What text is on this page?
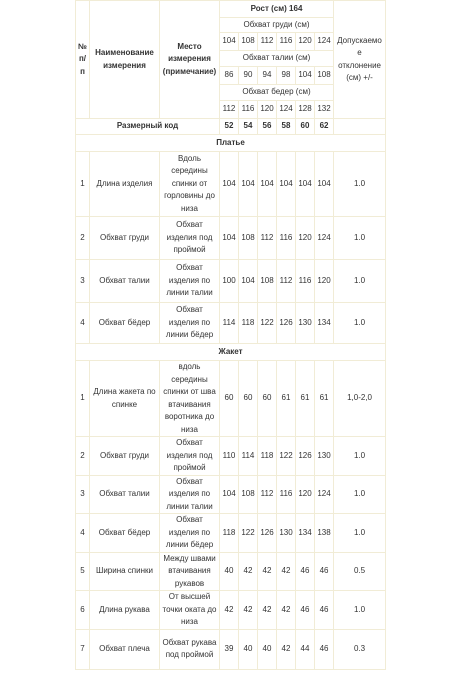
№ п/п	Наименование измерения	Место измерения (примечание)	Рост (см) 164						Допускаемое отклонение (см) +/-
			Обхват груди (см)						
			104	108	112	116	120	124	
			Обхват талии (см)						
			86	90	94	98	104	108	
			Обхват бедер (см)						
			112	116	120	124	128	132	
Размерный код			52	54	56	58	60	62	
Платье									
1	Длина изделия	Вдоль середины спинки от горловины до низа	104	104	104	104	104	104	1.0
2	Обхват груди	Обхват изделия под проймой	104	108	112	116	120	124	1.0
3	Обхват талии	Обхват изделия по линии талии	100	104	108	112	116	120	1.0
4	Обхват бёдер	Обхват изделия по линии бёдер	114	118	122	126	130	134	1.0
Жакет									
1	Длина жакета по спинке	вдоль середины спинки от шва втачивания воротника до низа	60	60	60	61	61	61	1,0-2,0
2	Обхват груди	Обхват изделия под проймой	110	114	118	122	126	130	1.0
3	Обхват талии	Обхват изделия по линии талии	104	108	112	116	120	124	1.0
4	Обхват бёдер	Обхват изделия по линии бёдер	118	122	126	130	134	138	1.0
5	Ширина спинки	Между швами втачивания рукавов	40	42	42	42	46	46	0.5
6	Длина рукава	От высшей точки оката до низа	42	42	42	42	46	46	1.0
7	Обхват плеча	Обхват рукава под проймой	39	40	40	42	44	46	0.3
